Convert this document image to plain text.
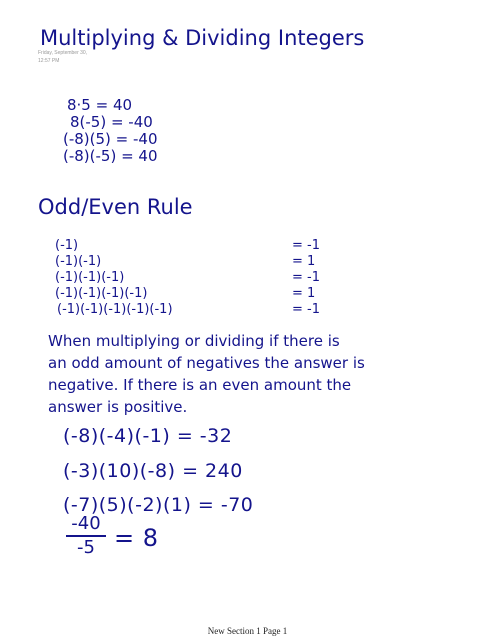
Multiplying & Dividing Integers
Friday, September 30,
12:57 PM
8·5 = 40
8(-5) = -40
(-8)(5) = -40
(-8)(-5) = 40
Odd/Even Rule
(-1)	= -1
(-1)(-1)	= 1
(-1)(-1)(-1)	= -1
(-1)(-1)(-1)(-1)	= 1
(-1)(-1)(-1)(-1)(-1)	= -1
When multiplying or dividing if there is
an odd amount of negatives the answer is
negative. If there is an even amount the
answer is positive.
(-8)(-4)(-1) = -32
(-3)(10)(-8) = 240
(-7)(5)(-2)(1) = -70
-40
-5 = 8
New Section 1 Page 1
